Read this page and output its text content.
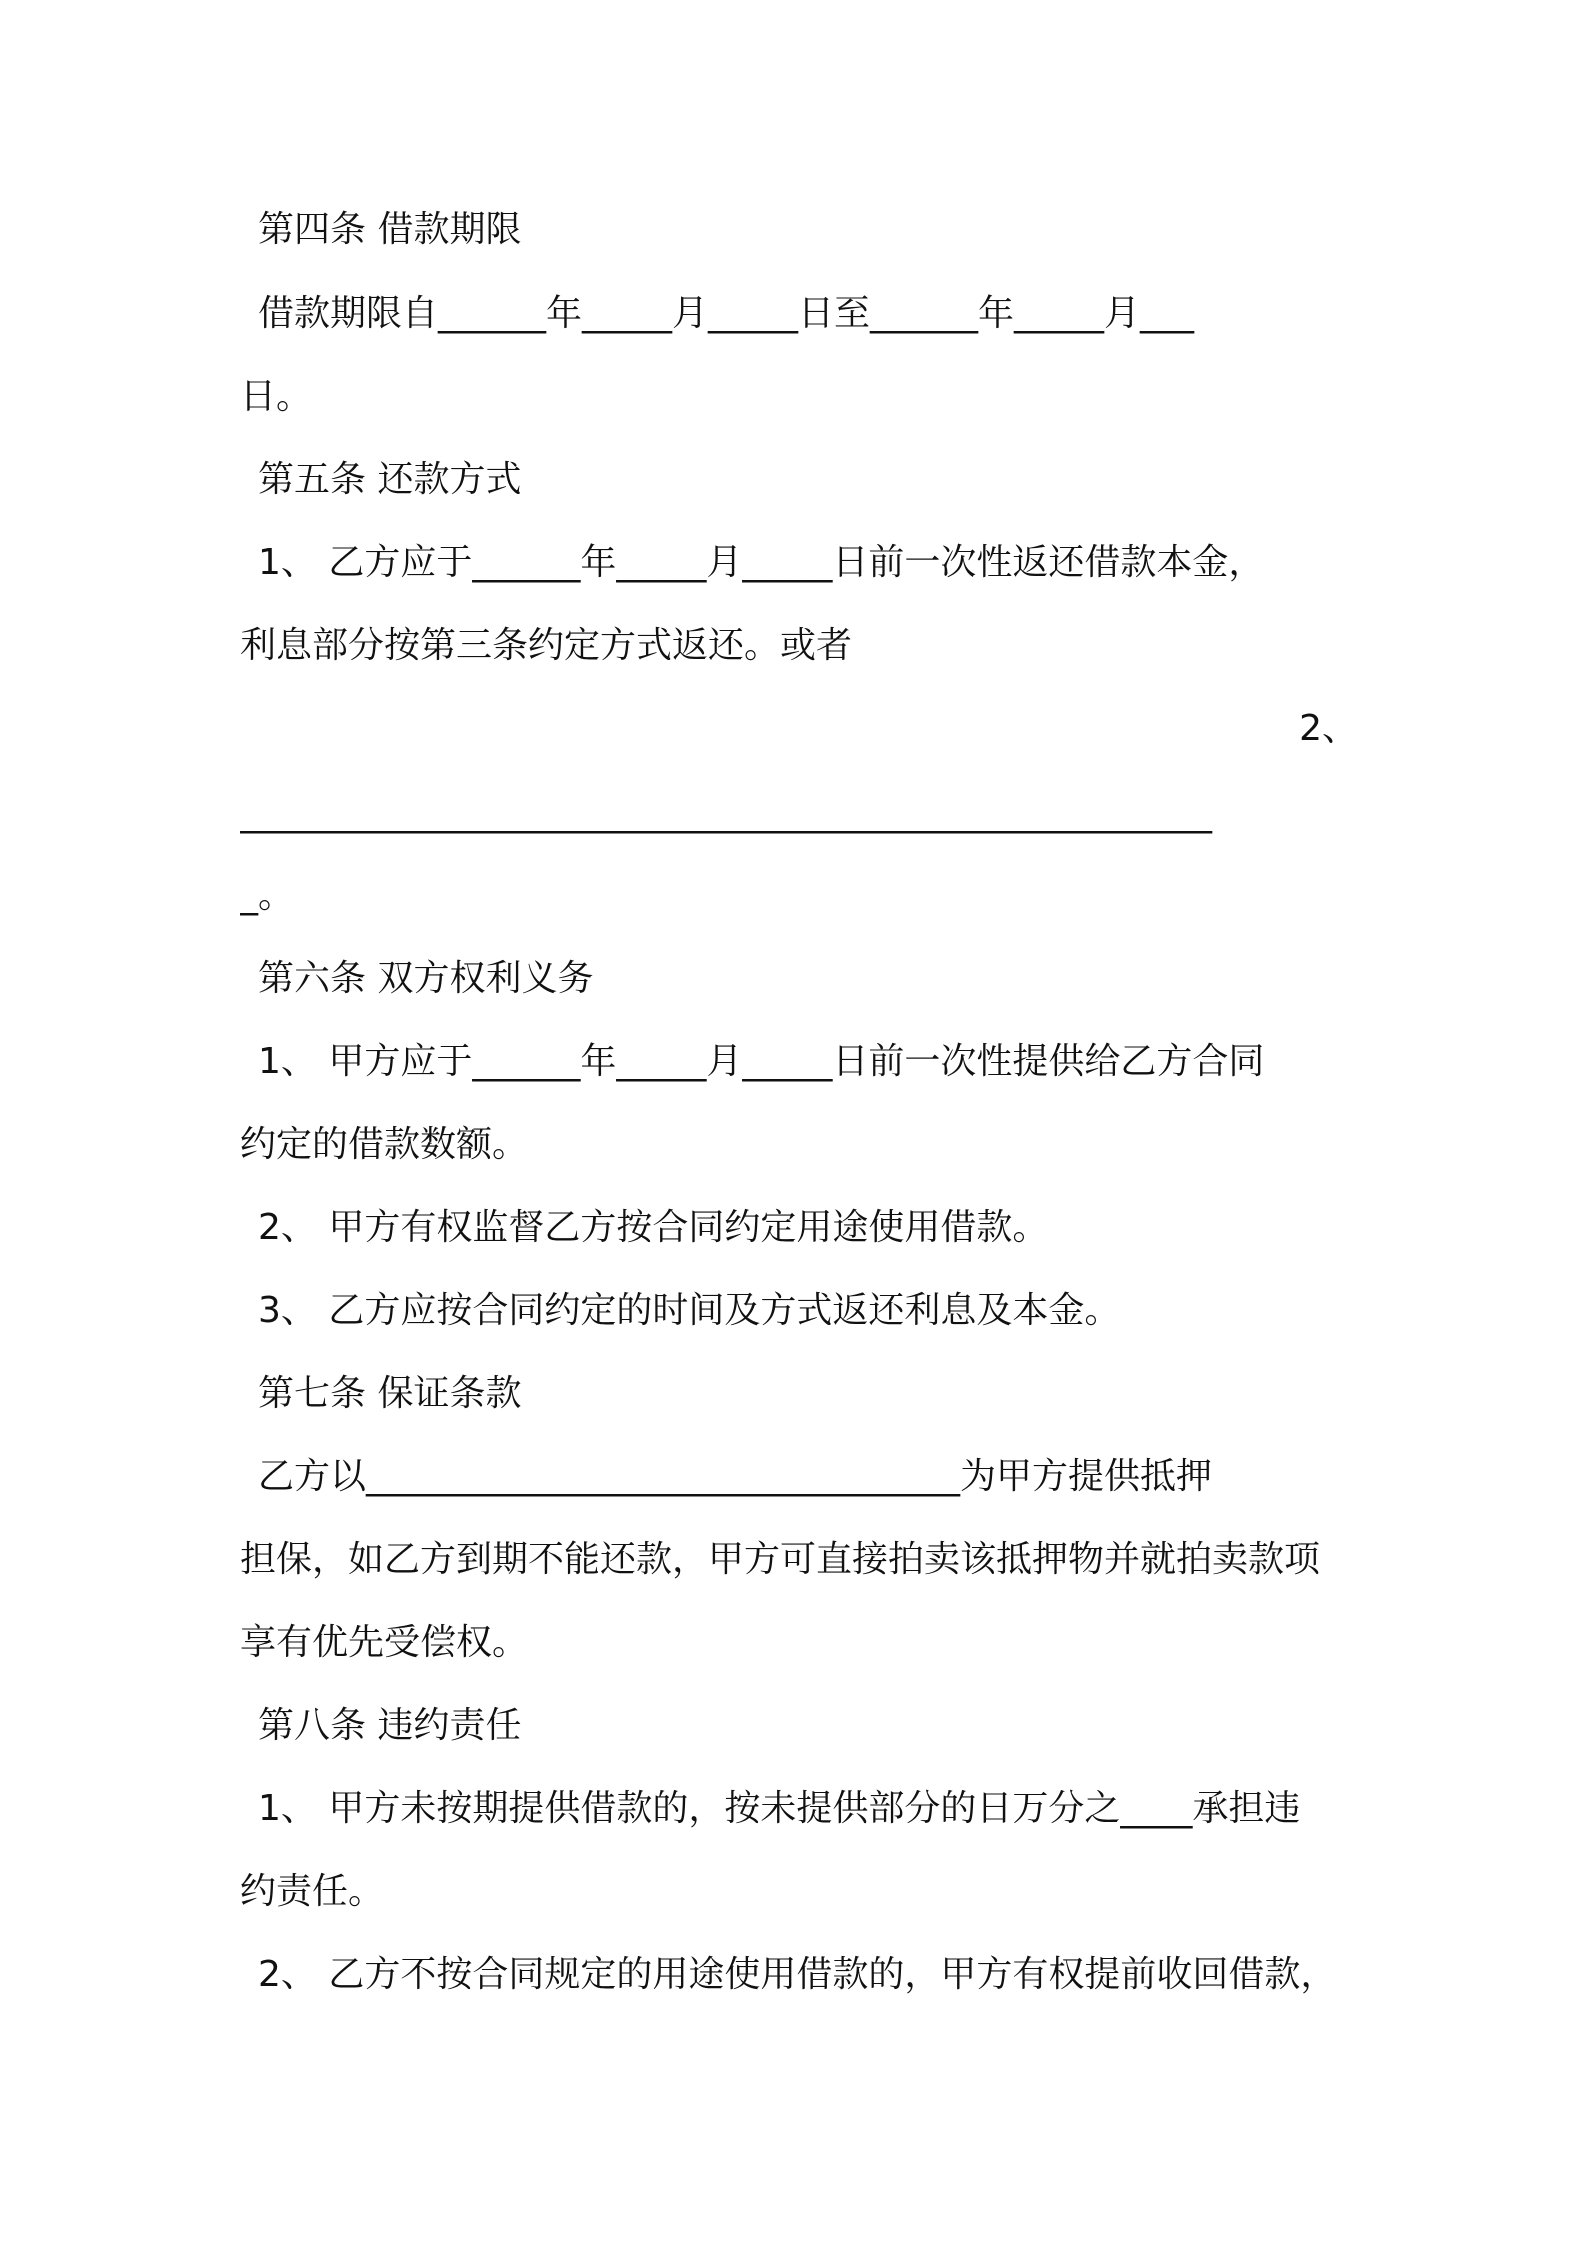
第四条 借款期限
借款期限自______年_____月_____日至______年_____月___
日。
第五条 还款方式
1、 乙方应于______年_____月_____日前一次性返还借款本金，
利息部分按第三条约定方式返还。或者
2、
______________________________________________________
_。
第六条 双方权利义务
1、 甲方应于______年_____月_____日前一次性提供给乙方合同
约定的借款数额。
2、 甲方有权监督乙方按合同约定用途使用借款。
3、 乙方应按合同约定的时间及方式返还利息及本金。
第七条 保证条款
乙方以_________________________________为甲方提供抵押
担保，如乙方到期不能还款，甲方可直接拍卖该抵押物并就拍卖款项
享有优先受偿权。
第八条 违约责任
1、 甲方未按期提供借款的，按未提供部分的日万分之____承担违
约责任。
2、 乙方不按合同规定的用途使用借款的，甲方有权提前收回借款，
